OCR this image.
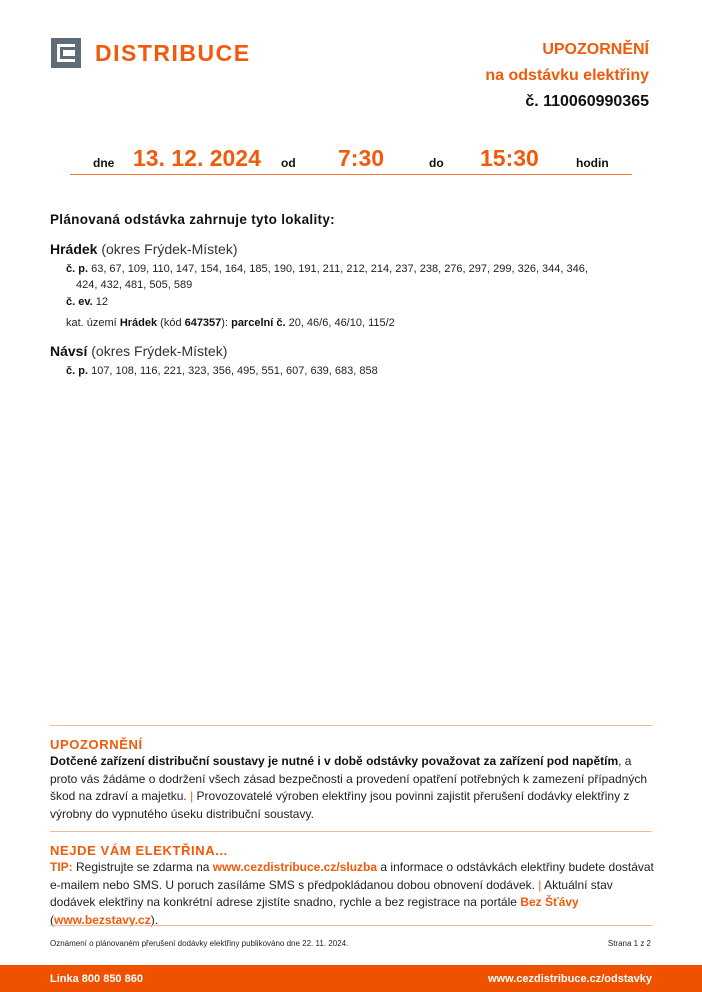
DISTRIBUCE	UPOZORNĚNÍ
na odstávku elektřiny
č. 110060990365
dne 13. 12. 2024 od 7:30	do 15:30	hodin
Plánovaná odstávka zahrnuje tyto lokality:
Hrádek (okres Frýdek-Místek)
č. p. 63, 67, 109, 110, 147, 154, 164, 185, 190, 191, 211, 212, 214, 237, 238, 276, 297, 299, 326, 344, 346,
424, 432, 481, 505, 589
č. ev. 12
kat. území Hrádek (kód 647357): parcelní č. 20, 46/6, 46/10, 115/2
Návsí (okres Frýdek-Místek)
č. p. 107, 108, 116, 221, 323, 356, 495, 551, 607, 639, 683, 858
UPOZORNĚNÍ
Dotčené zařízení distribuční soustavy je nutné i v době odstávky považovat za zařízení pod napětím, a proto vás žádáme o dodržení všech zásad bezpečnosti a provedení opatření potřebných k zamezení případných škod na zdraví a majetku. | Provozovatelé výroben elektřiny jsou povinni zajistit přerušení dodávky elektřiny z výrobny do vypnutého úseku distribuční soustavy.
NEJDE VÁM ELEKTŘINA...
TIP: Registrujte se zdarma na www.cezdistribuce.cz/sluzba a informace o odstávkách elektřiny budete dostávat e-mailem nebo SMS. U poruch zasíláme SMS s předpokládanou dobou obnovení dodávek. | Aktuální stav dodávek elektřiny na konkrétní adrese zjistíte snadno, rychle a bez registrace na portále Bez Šťávy (www.bezstavy.cz).
Oznámení o plánovaném přerušení dodávky elektřiny publikováno dne 22. 11. 2024.	Strana 1 z 2
Linka 800 850 860	www.cezdistribuce.cz/odstavky
